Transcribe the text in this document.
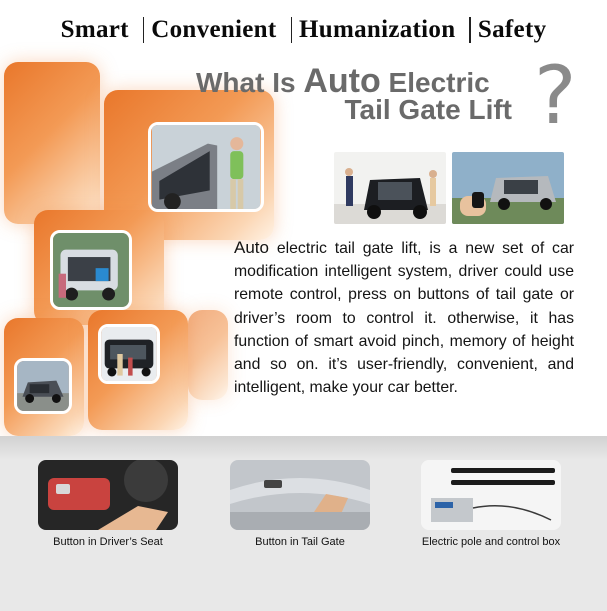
Smart Convenient Humanization Safety
What Is Auto Electric
Tail Gate Lift ?

Auto electric tail gate lift, is a new set of car modification intelligent system, driver could use remote control, press on buttons of tail gate or driver’s room to control it. otherwise, it has function of smart avoid pinch, memory of height and so on. it’s user-friendly, convenient, and intelligent, make your car better.

Button in Driver’s Seat	Button in Tail Gate	Electric pole and control box
